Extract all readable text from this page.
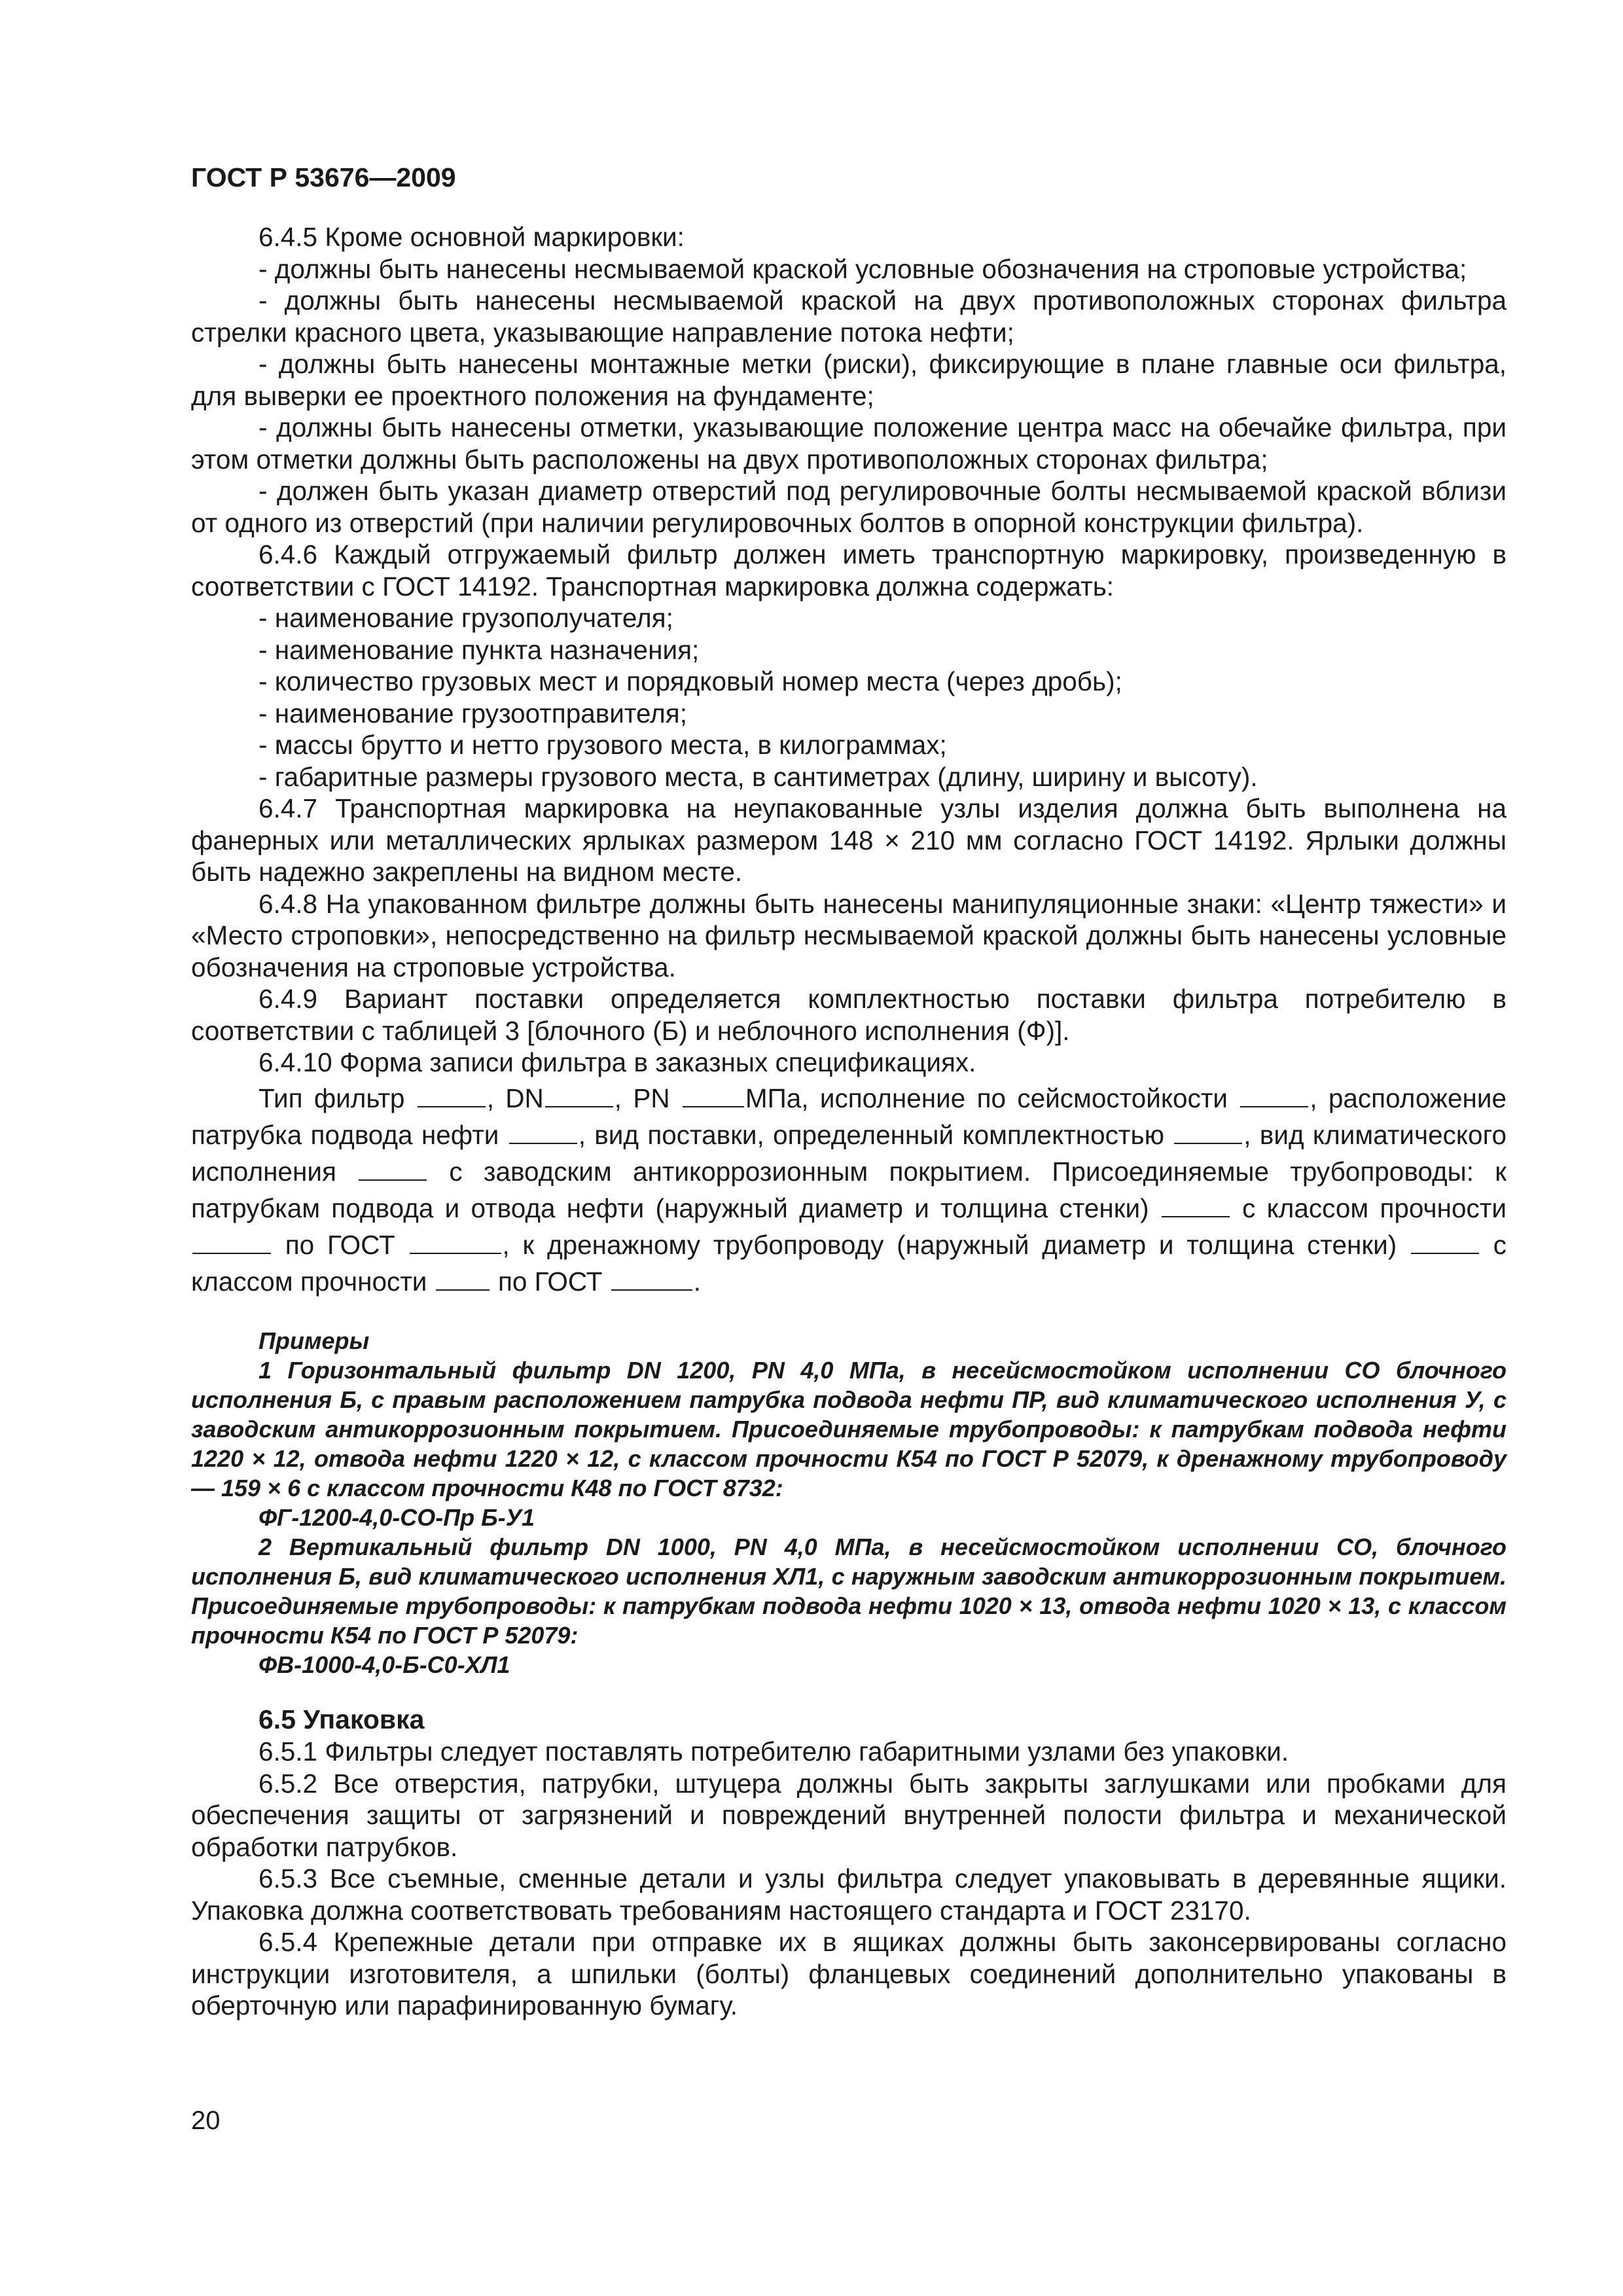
ГОСТ Р 53676—2009

6.4.5 Кроме основной маркировки:

- должны быть нанесены несмываемой краской условные обозначения на строповые устройства;

- должны быть нанесены несмываемой краской на двух противоположных сторонах фильтра стрелки красного цвета, указывающие направление потока нефти;

- должны быть нанесены монтажные метки (риски), фиксирующие в плане главные оси фильтра, для выверки ее проектного положения на фундаменте;

- должны быть нанесены отметки, указывающие положение центра масс на обечайке фильтра, при этом отметки должны быть расположены на двух противоположных сторонах фильтра;

- должен быть указан диаметр отверстий под регулировочные болты несмываемой краской вблизи от одного из отверстий (при наличии регулировочных болтов в опорной конструкции фильтра).

6.4.6 Каждый отгружаемый фильтр должен иметь транспортную маркировку, произведенную в соответствии с ГОСТ 14192. Транспортная маркировка должна содержать:

- наименование грузополучателя;

- наименование пункта назначения;

- количество грузовых мест и порядковый номер места (через дробь);

- наименование грузоотправителя;

- массы брутто и нетто грузового места, в килограммах;

- габаритные размеры грузового места, в сантиметрах (длину, ширину и высоту).

6.4.7 Транспортная маркировка на неупакованные узлы изделия должна быть выполнена на фанерных или металлических ярлыках размером 148 × 210 мм согласно ГОСТ 14192. Ярлыки должны быть надежно закреплены на видном месте.

6.4.8 На упакованном фильтре должны быть нанесены манипуляционные знаки: «Центр тяжести» и «Место строповки», непосредственно на фильтр несмываемой краской должны быть нанесены условные обозначения на строповые устройства.

6.4.9 Вариант поставки определяется комплектностью поставки фильтра потребителю в соответствии с таблицей 3 [блочного (Б) и неблочного исполнения (Ф)].

6.4.10 Форма записи фильтра в заказных спецификациях.

Тип фильтр	, DN	, PN	МПа, исполнение по сейсмостойкости	, расположение патрубка подвода нефти	, вид поставки, определенный комплектностью	, вид климатического исполнения	с заводским антикоррозионным покрытием. Присоединяемые трубопроводы: к патрубкам подвода и отвода нефти (наружный диаметр и толщина стенки)	с классом прочности  по ГОСТ	, к дренажному трубопроводу (наружный диаметр и толщина стенки)	с классом прочности	по ГОСТ	.

Примеры

1 Горизонтальный фильтр DN 1200, PN 4,0 МПа, в несейсмостойком исполнении СО блочного исполнения Б, с правым расположением патрубка подвода нефти ПР, вид климатического исполнения У, с заводским антикоррозионным покрытием. Присоединяемые трубопроводы: к патрубкам подвода нефти 1220 × 12, отвода нефти 1220 × 12, с классом прочности К54 по ГОСТ Р 52079, к дренажному трубопроводу — 159 × 6 с классом прочности К48 по ГОСТ 8732:

ФГ-1200-4,0-СО-Пр Б-У1

2 Вертикальный фильтр DN 1000, PN 4,0 МПа, в несейсмостойком исполнении СО, блочного исполнения Б, вид климатического исполнения ХЛ1, с наружным заводским антикоррозионным покрытием. Присоединяемые трубопроводы: к патрубкам подвода нефти 1020 × 13, отвода нефти 1020 × 13, с классом прочности К54 по ГОСТ Р 52079:

ФВ-1000-4,0-Б-С0-ХЛ1

6.5 Упаковка

6.5.1 Фильтры следует поставлять потребителю габаритными узлами без упаковки.

6.5.2 Все отверстия, патрубки, штуцера должны быть закрыты заглушками или пробками для обеспечения защиты от загрязнений и повреждений внутренней полости фильтра и механической обработки патрубков.

6.5.3 Все съемные, сменные детали и узлы фильтра следует упаковывать в деревянные ящики. Упаковка должна соответствовать требованиям настоящего стандарта и ГОСТ 23170.

6.5.4 Крепежные детали при отправке их в ящиках должны быть законсервированы согласно инструкции изготовителя, а шпильки (болты) фланцевых соединений дополнительно упакованы в оберточную или парафинированную бумагу.

20
